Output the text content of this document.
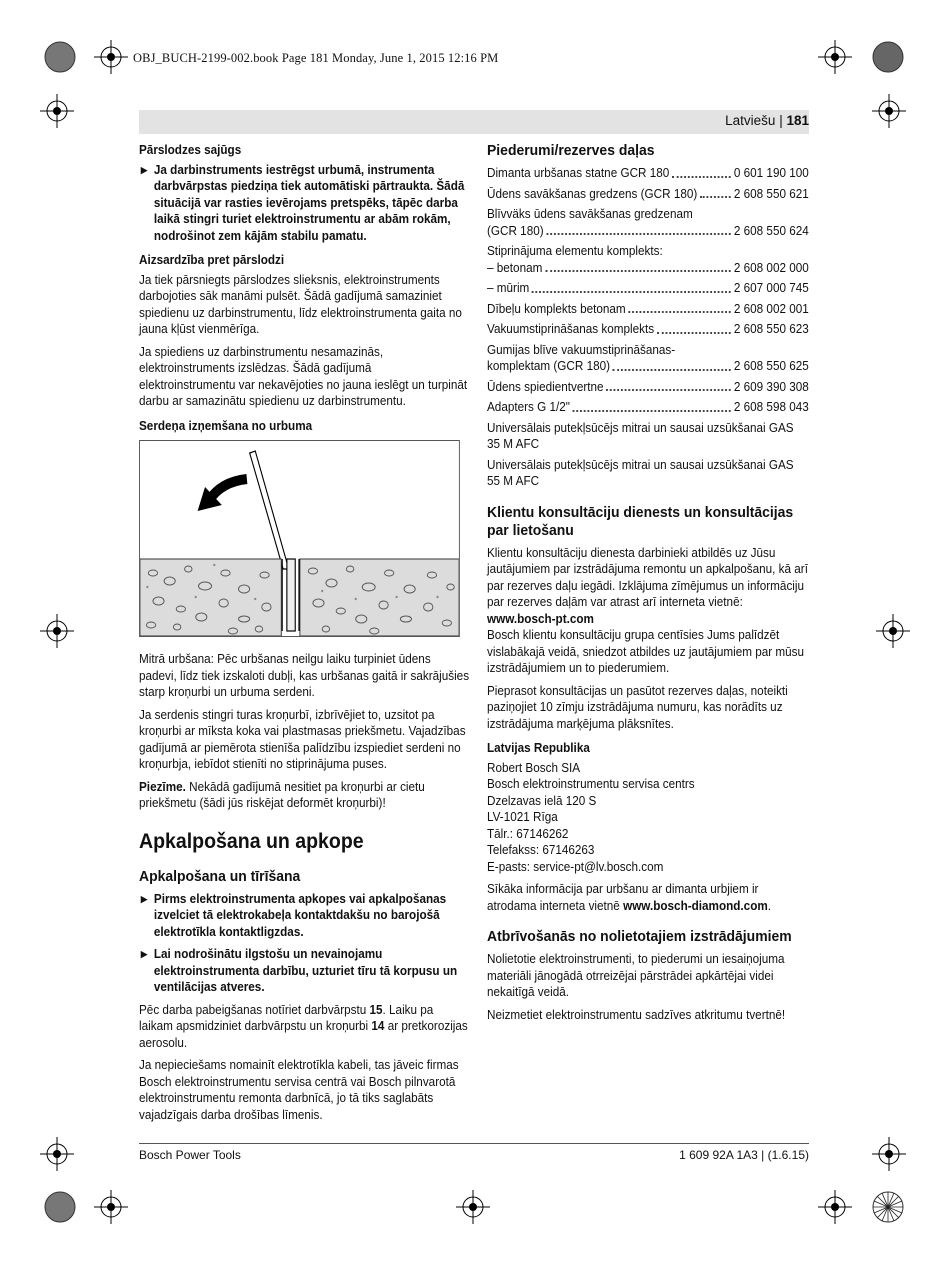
OBJ_BUCH-2199-002.book Page 181 Monday, June 1, 2015 12:16 PM
Latviešu | 181
Pārslodzes sajūgs
▶ Ja darbinstruments iestrēgst urbumā, instrumenta darbvārpstas piedziņa tiek automātiski pārtraukta. Šādā situācijā var rasties ievērojams pretspēks, tāpēc darba laikā stingri turiet elektroinstrumentu ar abām rokām, nodrošinot zem kājām stabilu pamatu.
Aizsardzība pret pārslodzi
Ja tiek pārsniegts pārslodzes slieksnis, elektroinstruments darbojoties sāk manāmi pulsēt. Šādā gadījumā samaziniet spiedienu uz darbinstrumentu, līdz elektroinstrumenta gaita no jauna kļūst vienmērīga.
Ja spiediens uz darbinstrumentu nesamazinās, elektroinstruments izslēdzas. Šādā gadījumā elektroinstrumentu var nekavējoties no jauna ieslēgt un turpināt darbu ar samazinātu spiedienu uz darbinstrumentu.
Serdeņa izņemšana no urbuma
Mitrā urbšana: Pēc urbšanas neilgu laiku turpiniet ūdens padevi, līdz tiek izskaloti dubļi, kas urbšanas gaitā ir sakrājušies starp kroņurbi un urbuma serdeni.
Ja serdenis stingri turas kroņurbī, izbrīvējiet to, uzsitot pa kroņurbi ar mīksta koka vai plastmasas priekšmetu. Vajadzības gadījumā ar piemērota stienīša palīdzību izspiediet serdeni no kroņurbja, iebīdot stienīti no stiprinājuma puses.
Piezīme. Nekādā gadījumā nesitiet pa kroņurbi ar cietu priekšmetu (šādi jūs riskējat deformēt kroņurbi)!
Apkalpošana un apkope
Apkalpošana un tīrīšana
▶ Pirms elektroinstrumenta apkopes vai apkalpošanas izvelciet tā elektrokabeļa kontaktdakšu no barojošā elektrotīkla kontaktligzdas.
▶ Lai nodrošinātu ilgstošu un nevainojamu elektroinstrumenta darbību, uzturiet tīru tā korpusu un ventilācijas atveres.
Pēc darba pabeigšanas notīriet darbvārpstu 15. Laiku pa laikam apsmidziniet darbvārpstu un kroņurbi 14 ar pretkorozijas aerosolu.
Ja nepieciešams nomainīt elektrotīkla kabeli, tas jāveic firmas Bosch elektroinstrumentu servisa centrā vai Bosch pilnvarotā elektroinstrumentu remonta darbnīcā, jo tā tiks saglabāts vajadzīgais darba drošības līmenis.
Piederumi/rezerves daļas
Dimanta urbšanas statne GCR 180	0 601 190 100
Ūdens savākšanas gredzens (GCR 180)	2 608 550 621
Blīvväks ūdens savākšanas gredzenam
(GCR 180)	2 608 550 624
Stiprinājuma elementu komplekts:
– betonam	2 608 002 000
– mūrim	2 607 000 745
Dībeļu komplekts betonam	2 608 002 001
Vakuumstiprināšanas komplekts	2 608 550 623
Gumijas blīve vakuumstiprināšanas-
komplektam (GCR 180)	2 608 550 625
Ūdens spiedientvertne	2 609 390 308
Adapters G 1/2"	2 608 598 043
Universālais putekļsūcējs mitrai un sausai uzsūkšanai GAS 35 M AFC
Universālais putekļsūcējs mitrai un sausai uzsūkšanai GAS 55 M AFC
Klientu konsultāciju dienests un konsultācijas par lietošanu
Klientu konsultāciju dienesta darbinieki atbildēs uz Jūsu jautājumiem par izstrādājuma remontu un apkalpošanu, kā arī par rezerves daļu iegādi. Izklājuma zīmējumus un informāciju par rezerves daļām var atrast arī interneta vietnē:
www.bosch-pt.com
Bosch klientu konsultāciju grupa centīsies Jums palīdzēt vislabākajā veidā, sniedzot atbildes uz jautājumiem par mūsu izstrādājumiem un to piederumiem.
Pieprasot konsultācijas un pasūtot rezerves daļas, noteikti paziņojiet 10 zīmju izstrādājuma numuru, kas norādīts uz izstrādājuma marķējuma plāksnītes.
Latvijas Republika
Robert Bosch SIA
Bosch elektroinstrumentu servisa centrs
Dzelzavas ielā 120 S
LV-1021 Rīga
Tālr.: 67146262
Telefakss: 67146263
E-pasts: service-pt@lv.bosch.com
Sīkāka informācija par urbšanu ar dimanta urbjiem ir atrodama interneta vietnē www.bosch-diamond.com.
Atbrīvošanās no nolietotajiem izstrādājumiem
Nolietotie elektroinstrumenti, to piederumi un iesaiņojuma materiāli jānogādā otrreizējai pārstrādei apkārtējai videi nekaitīgā veidā.
Neizmetiet elektroinstrumentu sadzīves atkritumu tvertnē!
Bosch Power Tools	1 609 92A 1A3 | (1.6.15)
